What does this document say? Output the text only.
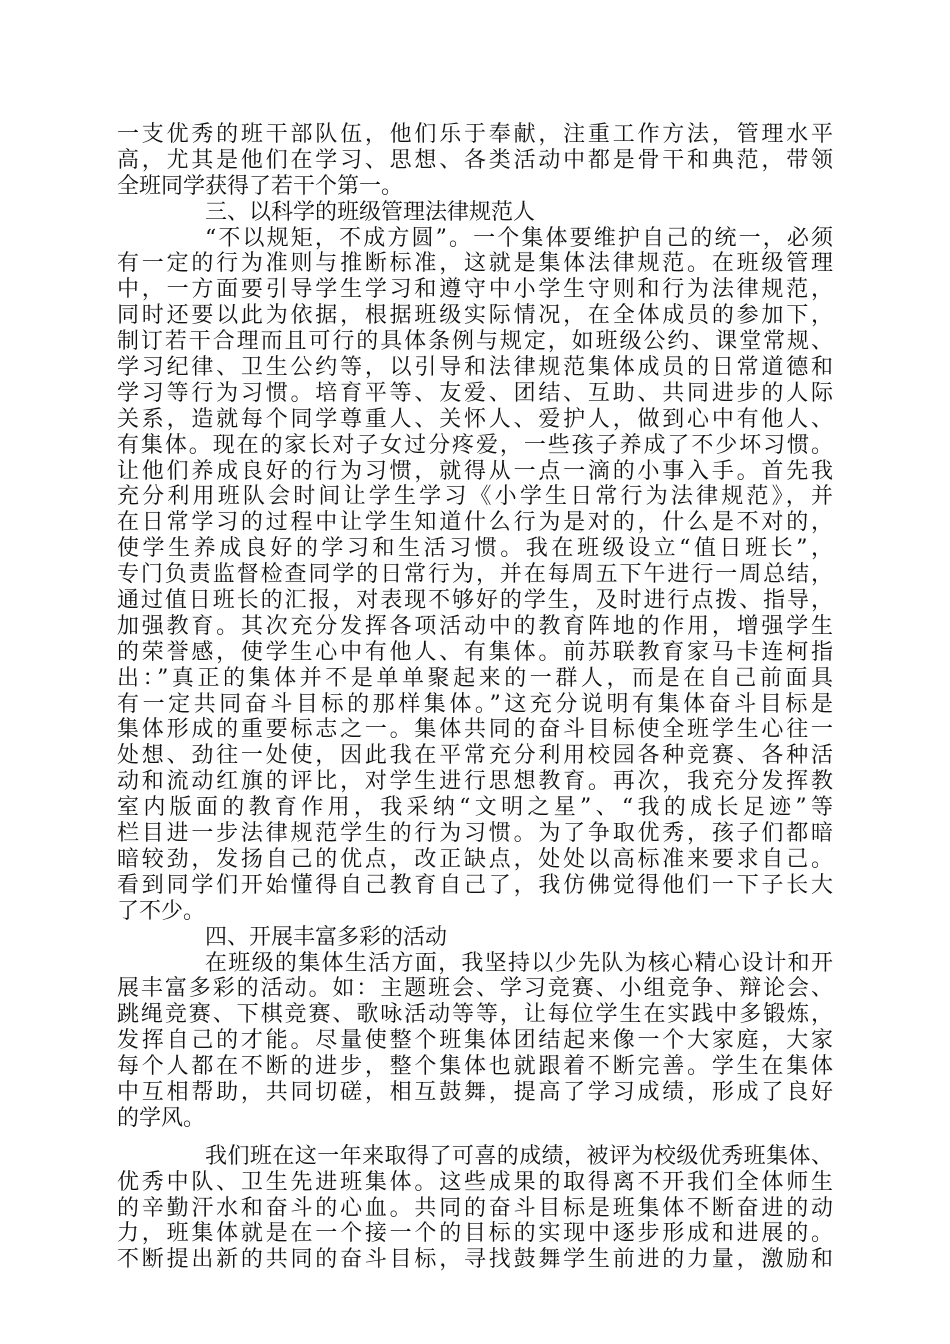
一支优秀的班干部队伍，他们乐于奉献，注重工作方法，管理水平
高，尤其是他们在学习、思想、各类活动中都是骨干和典范，带领
全班同学获得了若干个第一。
三、以科学的班级管理法律规范人
“不以规矩，不成方圆”。一个集体要维护自己的统一，必须
有一定的行为准则与推断标准，这就是集体法律规范。在班级管理
中，一方面要引导学生学习和遵守中小学生守则和行为法律规范，
同时还要以此为依据，根据班级实际情况，在全体成员的参加下，
制订若干合理而且可行的具体条例与规定，如班级公约、课堂常规、
学习纪律、卫生公约等，以引导和法律规范集体成员的日常道德和
学习等行为习惯。培育平等、友爱、团结、互助、共同进步的人际
关系，造就每个同学尊重人、关怀人、爱护人，做到心中有他人、
有集体。现在的家长对子女过分疼爱，一些孩子养成了不少坏习惯。
让他们养成良好的行为习惯，就得从一点一滴的小事入手。首先我
充分利用班队会时间让学生学习《小学生日常行为法律规范》，并
在日常学习的过程中让学生知道什么行为是对的，什么是不对的，
使学生养成良好的学习和生活习惯。我在班级设立“值日班长”，
专门负责监督检查同学的日常行为，并在每周五下午进行一周总结，
通过值日班长的汇报，对表现不够好的学生，及时进行点拨、指导，
加强教育。其次充分发挥各项活动中的教育阵地的作用，增强学生
的荣誉感，使学生心中有他人、有集体。前苏联教育家马卡连柯指
出：”真正的集体并不是单单聚起来的一群人，而是在自己前面具
有一定共同奋斗目标的那样集体。”这充分说明有集体奋斗目标是
集体形成的重要标志之一。集体共同的奋斗目标使全班学生心往一
处想、劲往一处使，因此我在平常充分利用校园各种竞赛、各种活
动和流动红旗的评比，对学生进行思想教育。再次，我充分发挥教
室内版面的教育作用，我采纳“文明之星”、“我的成长足迹”等
栏目进一步法律规范学生的行为习惯。为了争取优秀，孩子们都暗
暗较劲，发扬自己的优点，改正缺点，处处以高标准来要求自己。
看到同学们开始懂得自己教育自己了，我仿佛觉得他们一下子长大
了不少。
四、开展丰富多彩的活动
在班级的集体生活方面，我坚持以少先队为核心精心设计和开
展丰富多彩的活动。如：主题班会、学习竞赛、小组竞争、辩论会、
跳绳竞赛、下棋竞赛、歌咏活动等等，让每位学生在实践中多锻炼，
发挥自己的才能。尽量使整个班集体团结起来像一个大家庭，大家
每个人都在不断的进步，整个集体也就跟着不断完善。学生在集体
中互相帮助，共同切磋，相互鼓舞，提高了学习成绩，形成了良好
的学风。
我们班在这一年来取得了可喜的成绩，被评为校级优秀班集体、
优秀中队、卫生先进班集体。这些成果的取得离不开我们全体师生
的辛勤汗水和奋斗的心血。共同的奋斗目标是班集体不断奋进的动
力，班集体就是在一个接一个的目标的实现中逐步形成和进展的。
不断提出新的共同的奋斗目标，寻找鼓舞学生前进的力量，激励和
